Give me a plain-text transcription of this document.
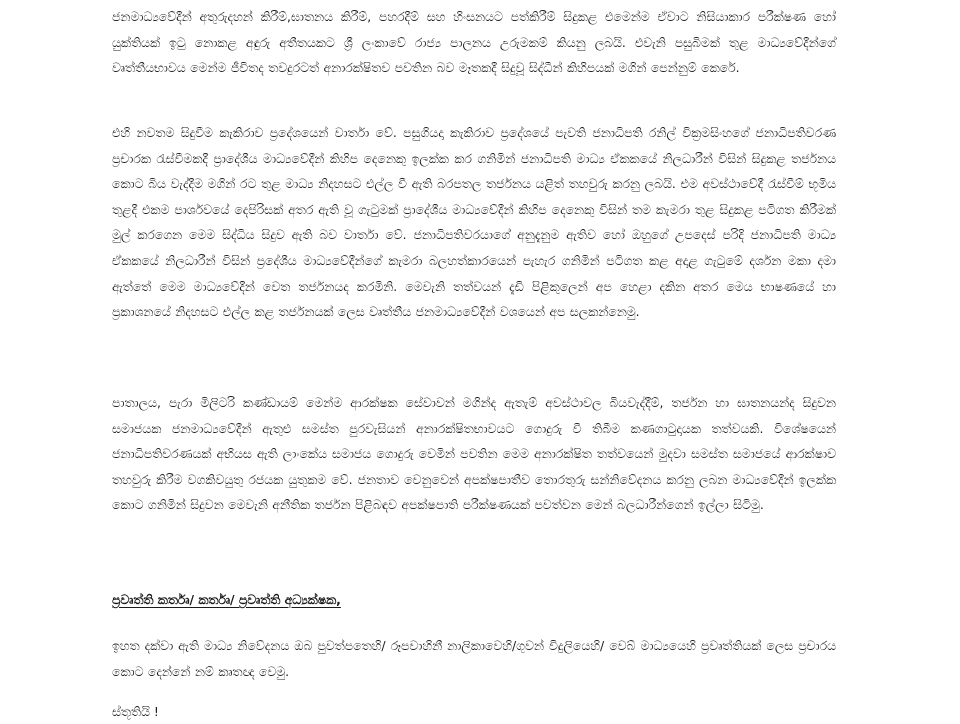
ජනමාධ්‍යවේදීන් අතුරුදහන් කිරීම්,ඝාතනය කිරීම්, පහරදීම් සහ හිංසනයට පත්කිරීම් සිදුකළ එමෙන්ම ඒවාට නිසියාකාර පරීක්ෂණ හෝ යුක්තියක් ඉටු නොකළ අඳුරු අතීතයකට ශ්‍රී ලංකාවේ රාජ්‍ය පාලනය උරුමකම් කියනු ලබයි. එවැනි පසුබිමක් තුළ මාධ්‍යවේදීන්ගේ වෘත්තීයභාවය මෙන්ම ජීවිතද තවදුරටත් අනාරක්ෂිතව පවතින බව මෑතකදී සිදුවූ සිද්ධීන් කිහිපයක් මගින් පෙන්නුම් කෙරේ.

එහි නවතම සිදුවීම කැකිරාව ප්‍රදේශයෙන් වාර්තා වේ. පසුගියදා කැකිරාව ප්‍රදේශයේ පැවති ජනාධිපති රනිල් වික්‍රමසිංහගේ ජනාධිපතිවරණ ප්‍රචාරක රැස්වීමකදී ප්‍රාදේශීය මාධ්‍යවේදීන් කිහිප දෙනෙකු ඉලක්ක කර ගනිමින් ජනාධිපති මාධ්‍ය ඒකකයේ නිලධාරීන් විසින් සිදුකළ තර්ජනය කොට බිය වැද්දීම මගින් රට තුළ මාධ්‍ය නිදහසට එල්ල වී ඇති බරපතල තර්ජනය යළිත් තහවුරු කරනු ලබයි. එම අවස්ථාවේදී රැස්වීම් භූමිය තුළදී එකම පාර්ශවයේ දෙපිරිසක් අතර ඇති වූ ගැටුමක් ප්‍රාදේශීය මාධ්‍යවේදීන් කිහිප දෙනෙකු විසින් තම කැමරා තුළ සිදුකළ පටිගත කිරීමක් මුල් කරගෙන මෙම සිද්ධිය සිදුව ඇති බව වාර්තා වේ. ජනාධිපතිවරයාගේ අනුදැනුම ඇතිව හෝ ඔහුගේ උපදෙස් පරිදි ජනාධිපති මාධ්‍ය ඒකකයේ නිලධාරීන් විසින් ප්‍රදේශීය මාධ්‍යවේදීන්ගේ කැමරා බලහත්කාරයෙන් පැහැර ගනිමින් පටිගත කළ අදාළ ගැටුමේ දර්ශන මකා දමා ඇත්තේ මෙම මාධ්‍යවේදීන් වෙත තර්ජනයද කරමිනි. මෙවැනි තත්වයන් දැඩි පිළිකුලෙන් අප හෙළා දකින අතර මෙය භාෂණයේ හා ප්‍රකාශනයේ නිදහසට එල්ල කළ තර්ජනයක් ලෙස වෘත්තීය ජනමාධ්‍යවේදීන් වශයෙන් අප සලකන්නෙමු.

පාතාලය, පැරා මිලිටරි කණ්ඩායම් මෙන්ම ආරක්ෂක සේවාවන් මගින්ද ඇතැම් අවස්ථාවල බියවැද්දීම්, තර්ජන හා ඝාතනයන්ද සිදුවන සමාජයක ජනමාධ්‍යවේදීන් ඇතුළු සමස්ත පුරවැසියන් අනාරක්ෂිතභාවයට ගොදුරු වී තිබීම කණගාටුදායක තත්වයකි. විශේෂයෙන් ජනාධිපතිවරණයක් අභියස ඇති ලාංකේය සමාජය ගොදුරු වෙමින් පවතින මෙම අනාරක්ෂිත තත්වයෙන් මුදවා සමස්ත සමාජයේ ආරක්ෂාව තහවුරු කිරීම වගකිවයුතු රජයක යුතුකම වේ. ජනතාව වෙනුවෙන් අපක්ෂපාතීව තොරතුරු සන්නිවේදනය කරනු ලබන මාධ්‍යවේදීන් ඉලක්ක කොට ගනිමින් සිදුවන මෙවැනි අනීතික තර්ජන පිළිබඳව අපක්ෂපාති පරීක්ෂණයක් පවත්වන මෙන් බලධාරීන්ගෙන් ඉල්ලා සිටිමු.

ප්‍රවෘත්ති කර්තෘ/ කර්තෘ/ ප්‍රවෘත්ති අධ්‍යක්ෂක,

ඉහත දක්වා ඇති මාධ්‍ය නිවේදනය ඔබ පුවත්පතෙහි/ රූපවාහිනී නාලිකාවෙහි/ගුවන් විදුලියෙහි/ වෙබ් මාධ්‍යයෙහි ප්‍රවෘත්තියක් ලෙස ප්‍රචාරය කොට දෙන්නේ නම් කෘතඥ වෙමු.

ස්තූතියි !
